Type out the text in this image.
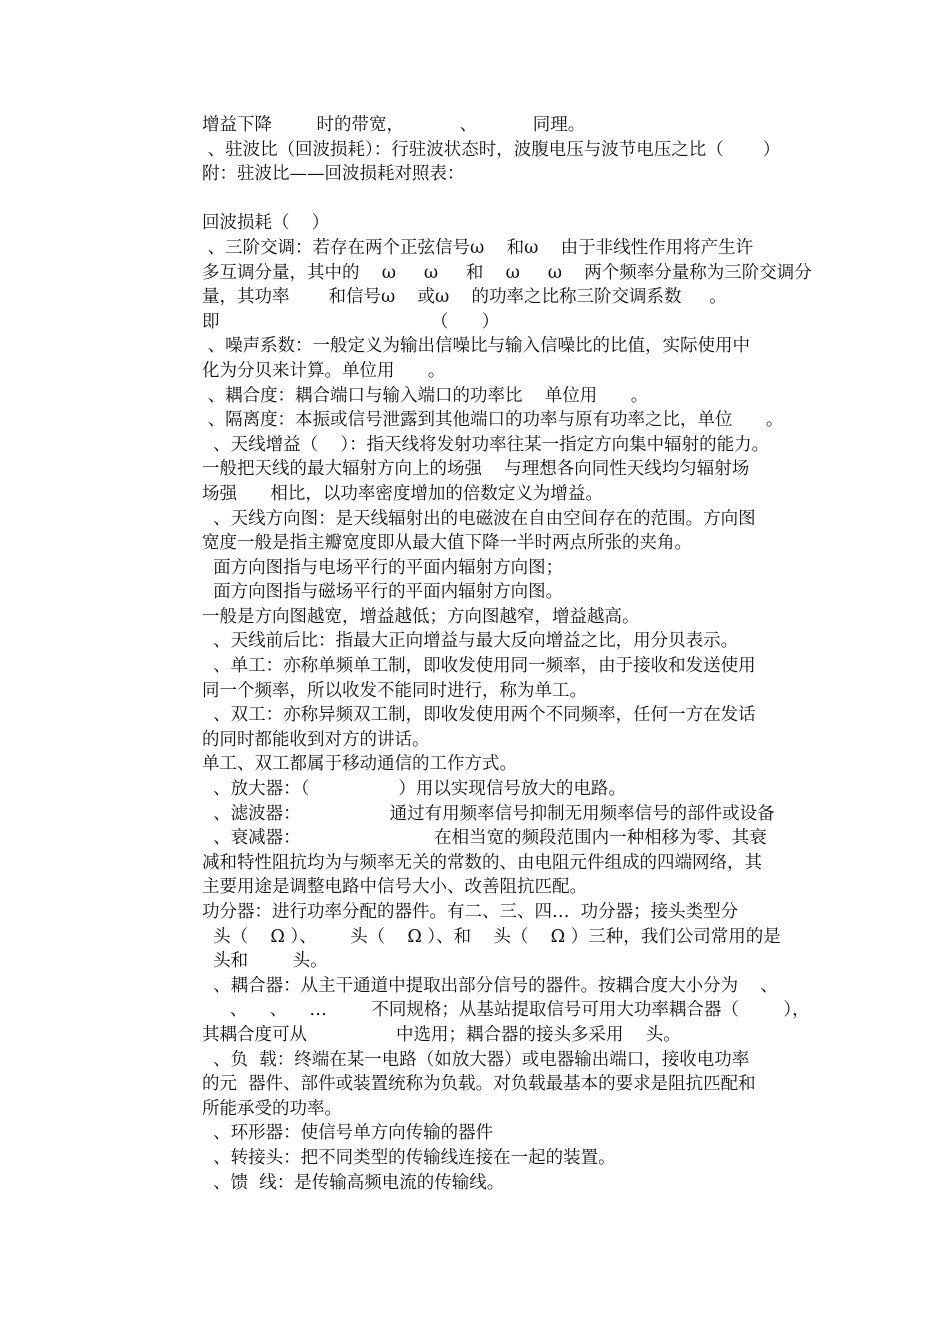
增益下降        时的带宽，          、          同理。
、驻波比（回波损耗）：行驻波状态时，波腹电压与波节电压之比（       ）
附：驻波比——回波损耗对照表：
回波损耗（    ）
、三阶交调：若存在两个正弦信号ω    和ω    由于非线性作用将产生许
多互调分量，其中的    ω     ω     和    ω     ω    两个频率分量称为三阶交调分
量，其功率       和信号ω    或ω    的功率之比称三阶交调系数     。
即                                      （      ）
、噪声系数：一般定义为输出信噪比与输入信噪比的比值，实际使用中
化为分贝来计算。单位用      。
、耦合度：耦合端口与输入端口的功率比    单位用      。
、隔离度：本振或信号泄露到其他端口的功率与原有功率之比，单位      。
、天线增益（    ）：指天线将发射功率往某一指定方向集中辐射的能力。
一般把天线的最大辐射方向上的场强    与理想各向同性天线均匀辐射场
场强      相比，以功率密度增加的倍数定义为增益。
、天线方向图：是天线辐射出的电磁波在自由空间存在的范围。方向图
宽度一般是指主瓣宽度即从最大值下降一半时两点所张的夹角。
面方向图指与电场平行的平面内辐射方向图；
面方向图指与磁场平行的平面内辐射方向图。
一般是方向图越宽，增益越低；方向图越窄，增益越高。
、天线前后比：指最大正向增益与最大反向增益之比，用分贝表示。
、单工：亦称单频单工制，即收发使用同一频率，由于接收和发送使用
同一个频率，所以收发不能同时进行，称为单工。
、双工：亦称异频双工制，即收发使用两个不同频率，任何一方在发话
的同时都能收到对方的讲话。
单工、双工都属于移动通信的工作方式。
、放大器：（                ）用以实现信号放大的电路。
、滤波器：                通过有用频率信号抑制无用频率信号的部件或设备
、衰减器：                        在相当宽的频段范围内一种相移为零、其衰
减和特性阻抗均为与频率无关的常数的、由电阻元件组成的四端网络，其
主要用途是调整电路中信号大小、改善阻抗匹配。
功分器：进行功率分配的器件。有二、三、四…  功分器；接头类型分
头（    Ω ）、      头（    Ω ）、和    头（    Ω ）三种，我们公司常用的是
头和        头。
、耦合器：从主干通道中提取出部分信号的器件。按耦合度大小分为    、
、    、    …        不同规格；从基站提取信号可用大功率耦合器（        ），
其耦合度可从                中选用；耦合器的接头多采用    头。
、负  载：终端在某一电路（如放大器）或电器输出端口，接收电功率
的元  器件、部件或装置统称为负载。对负载最基本的要求是阻抗匹配和
所能承受的功率。
、环形器：使信号单方向传输的器件
、转接头：把不同类型的传输线连接在一起的装置。
、馈  线：是传输高频电流的传输线。
